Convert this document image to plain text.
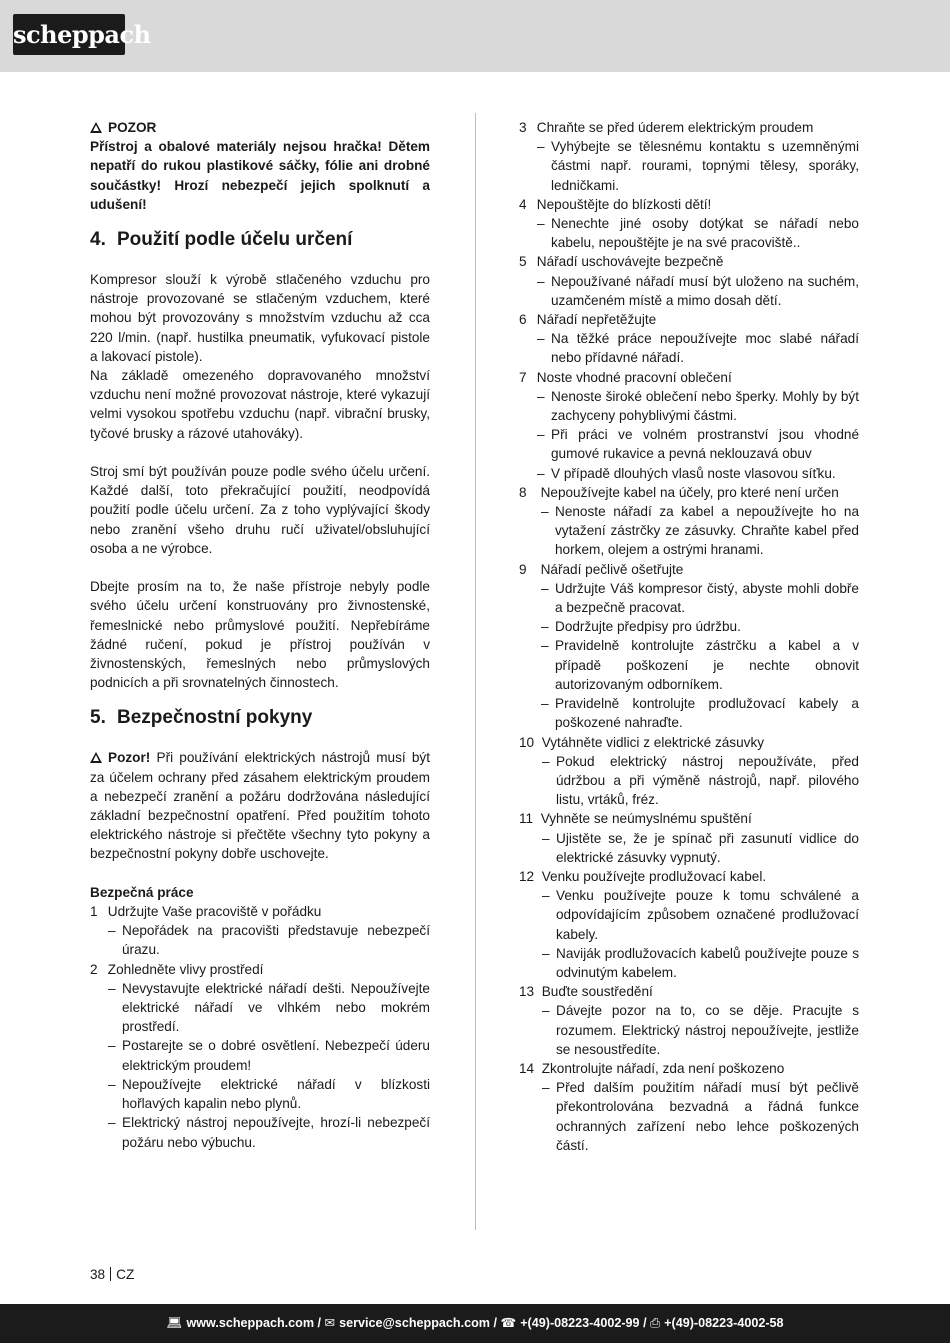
scheppach
POZOR

Přístroj a obalové materiály nejsou hračka! Dětem nepatří do rukou plastikové sáčky, fólie ani drobné součástky! Hrozí nebezpečí jejich spolknutí a udušení!

4. Použití podle účelu určení

Kompresor slouží k výrobě stlačeného vzduchu pro nástroje provozované se stlačeným vzduchem, které mohou být provozovány s množstvím vzduchu až cca 220 l/min. (např. hustilka pneumatik, vyfukovací pistole a lakovací pistole).

Na základě omezeného dopravovaného množství vzduchu není možné provozovat nástroje, které vykazují velmi vysokou spotřebu vzduchu (např. vibrační brusky, tyčové brusky a rázové utahováky).

Stroj smí být používán pouze podle svého účelu určení. Každé další, toto překračující použití, neodpovídá použití podle účelu určení. Za z toho vyplývající škody nebo zranění všeho druhu ručí uživatel/obsluhující osoba a ne výrobce.

Dbejte prosím na to, že naše přístroje nebyly podle svého účelu určení konstruovány pro živnostenské, řemeslnické nebo průmyslové použití. Nepřebíráme žádné ručení, pokud je přístroj používán v živnostenských, řemeslných nebo průmyslových podnicích a při srovnatelných činnostech.

5. Bezpečnostní pokyny

Pozor! Při používání elektrických nástrojů musí být za účelem ochrany před zásahem elektrickým proudem a nebezpečí zranění a požáru dodržována následující základní bezpečnostní opatření. Před použitím tohoto elektrického nástroje si přečtěte všechny tyto pokyny a bezpečnostní pokyny dobře uschovejte.

Bezpečná práce
1
Udržujte Vaše pracoviště v pořádku
– Nepořádek na pracovišti představuje nebezpečí úrazu.
2
Zohledněte vlivy prostředí
– Nevystavujte elektrické nářadí dešti. Nepoužívejte elektrické nářadí ve vlhkém nebo mokrém prostředí.
– Postarejte se o dobré osvětlení. Nebezpečí úderu elektrickým proudem!
– Nepoužívejte elektrické nářadí v blízkosti hořlavých kapalin nebo plynů.
– Elektrický nástroj nepoužívejte, hrozí-li nebezpečí požáru nebo výbuchu.
3
Chraňte se před úderem elektrickým proudem
– Vyhýbejte se tělesnému kontaktu s uzemněnými částmi např. rourami, topnými tělesy, sporáky, ledničkami.
4
Nepouštějte do blízkosti dětí!
– Nenechte jiné osoby dotýkat se nářadí nebo kabelu, nepouštějte je na své pracoviště..
5
Nářadí uschovávejte bezpečně
– Nepoužívané nářadí musí být uloženo na suchém, uzamčeném místě a mimo dosah dětí.
6
Nářadí nepřetěžujte
– Na těžké práce nepoužívejte moc slabé nářadí nebo přídavné nářadí.
7
Noste vhodné pracovní oblečení
– Nenoste široké oblečení nebo šperky. Mohly by být zachyceny pohyblivými částmi.
– Při práci ve volném prostranství jsou vhodné gumové rukavice a pevná neklouzavá obuv
– V případě dlouhých vlasů noste vlasovou síťku.
8
	Nepoužívejte kabel na účely, pro které není určen
– Nenoste nářadí za kabel a nepoužívejte ho na vytažení zástrčky ze zásuvky. Chraňte kabel před horkem, olejem a ostrými hranami.
9
	Nářadí pečlivě ošetřujte
– Udržujte Váš kompresor čistý, abyste mohli dobře a bezpečně pracovat.
– Dodržujte předpisy pro údržbu.
– Pravidelně kontrolujte zástrčku a kabel a v případě poškození je nechte obnovit autorizovaným odborníkem.
– Pravidelně kontrolujte prodlužovací kabely a poškozené nahraďte.
10
Vytáhněte vidlici z elektrické zásuvky
– Pokud elektrický nástroj nepoužíváte, před údržbou a při výměně nástrojů, např. pilového listu, vrtáků, fréz.
11
Vyhněte se neúmyslnému spuštění
– Ujistěte se, že je spínač při zasunutí vidlice do elektrické zásuvky vypnutý.
12
Venku používejte prodlužovací kabel.
– Venku používejte pouze k tomu schválené a odpovídajícím způsobem označené prodlužovací kabely.
– Naviják prodlužovacích kabelů používejte pouze s odvinutým kabelem.
13
Buďte soustředění
– Dávejte pozor na to, co se děje. Pracujte s rozumem. Elektrický nástroj nepoužívejte, jestliže se nesoustředíte.
14
Zkontrolujte nářadí, zda není poškozeno
– Před dalším použitím nářadí musí být pečlivě překontrolována bezvadná a řádná funkce ochranných zařízení nebo lehce poškozených částí.
38 CZ
💻︎ www.scheppach.com / ✉︎ service@scheppach.com / ☎︎ +(49)-08223-4002-99 / ⎙ +(49)-08223-4002-58
